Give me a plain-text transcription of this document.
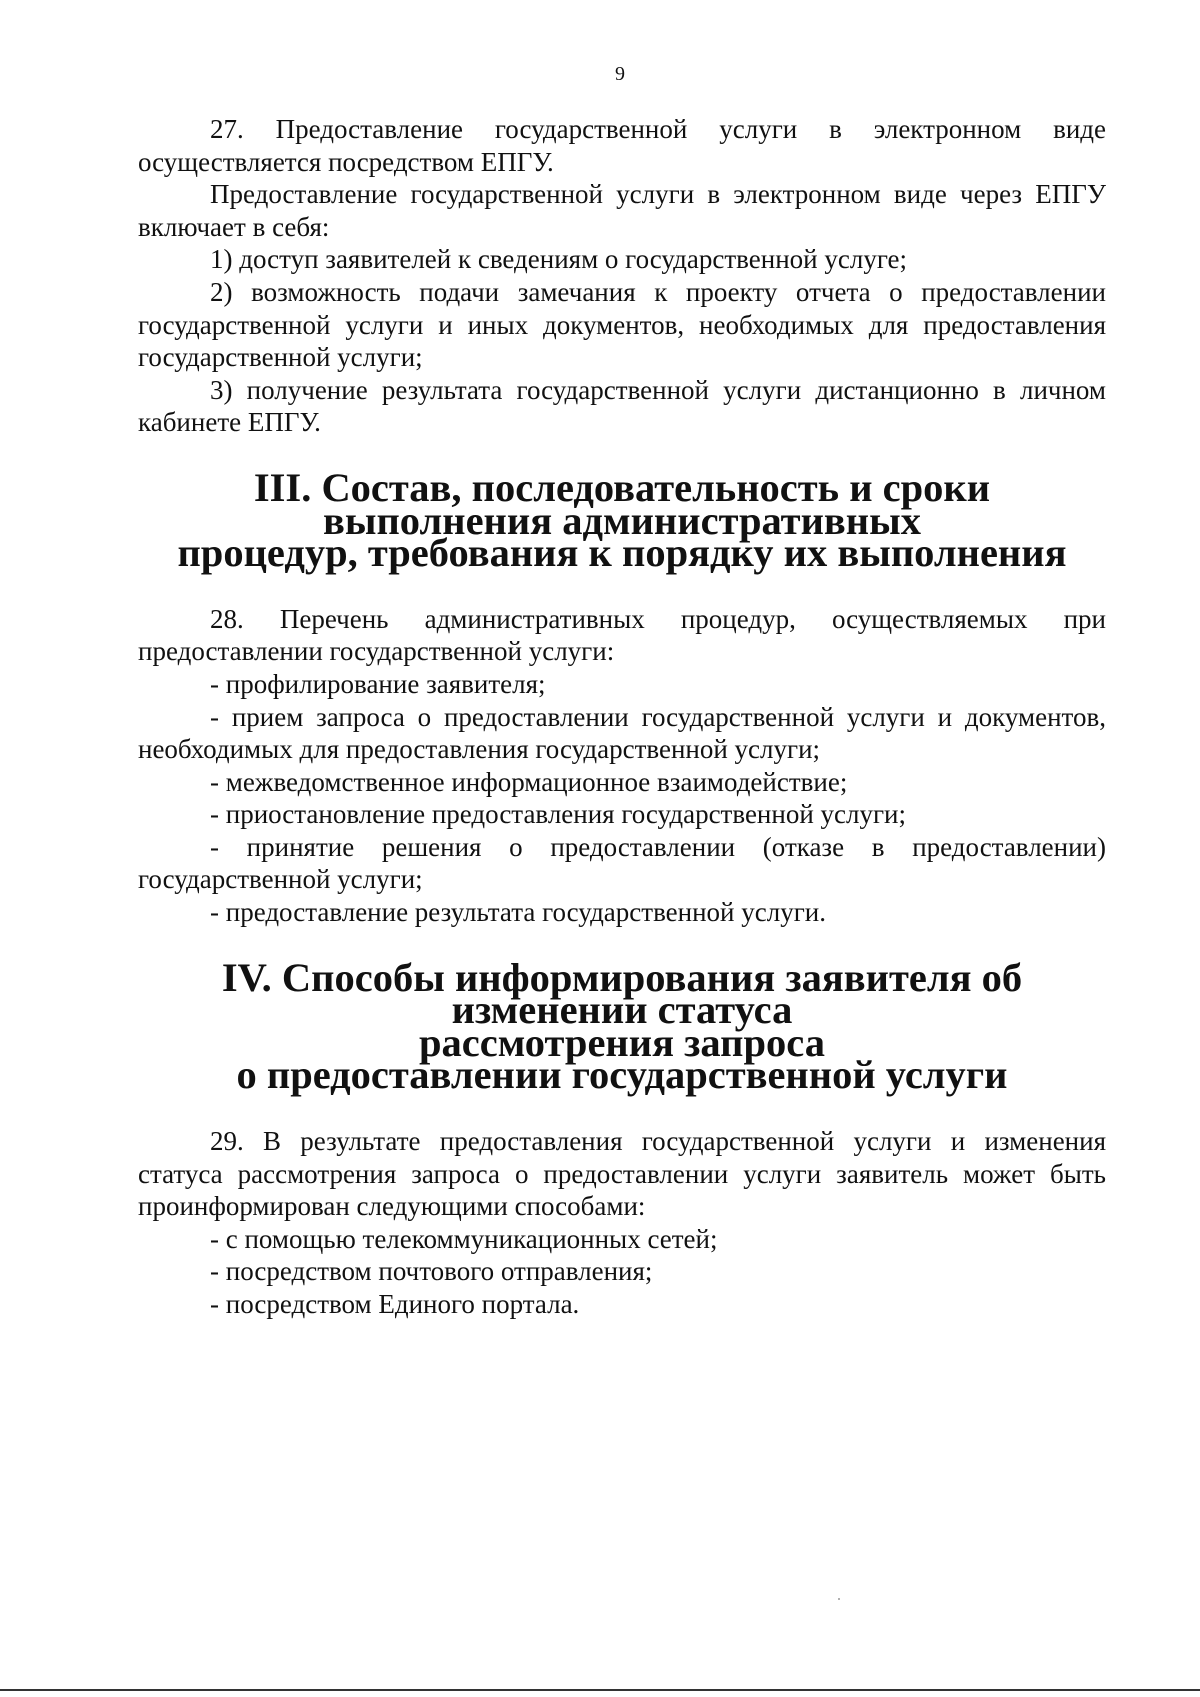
9

27. Предоставление государственной услуги в электронном виде осуществляется посредством ЕПГУ.

Предоставление государственной услуги в электронном виде через ЕПГУ включает в себя:

1) доступ заявителей к сведениям о государственной услуге;

2) возможность подачи замечания к проекту отчета о предоставлении государственной услуги и иных документов, необходимых для предоставления государственной услуги;

3) получение результата государственной услуги дистанционно в личном кабинете ЕПГУ.

III. Состав, последовательность и сроки выполнения административных
процедур, требования к порядку их выполнения

28. Перечень административных процедур, осуществляемых при предоставлении государственной услуги:

- профилирование заявителя;

- прием запроса о предоставлении государственной услуги и документов, необходимых для предоставления государственной услуги;

- межведомственное информационное взаимодействие;

- приостановление предоставления государственной услуги;

- принятие решения о предоставлении (отказе в предоставлении) государственной услуги;

- предоставление результата государственной услуги.

IV. Способы информирования заявителя об изменении статуса
рассмотрения запроса
о предоставлении государственной услуги

29. В результате предоставления государственной услуги и изменения статуса рассмотрения запроса о предоставлении услуги заявитель может быть проинформирован следующими способами:

- с помощью телекоммуникационных сетей;

- посредством почтового отправления;

- посредством Единого портала.
